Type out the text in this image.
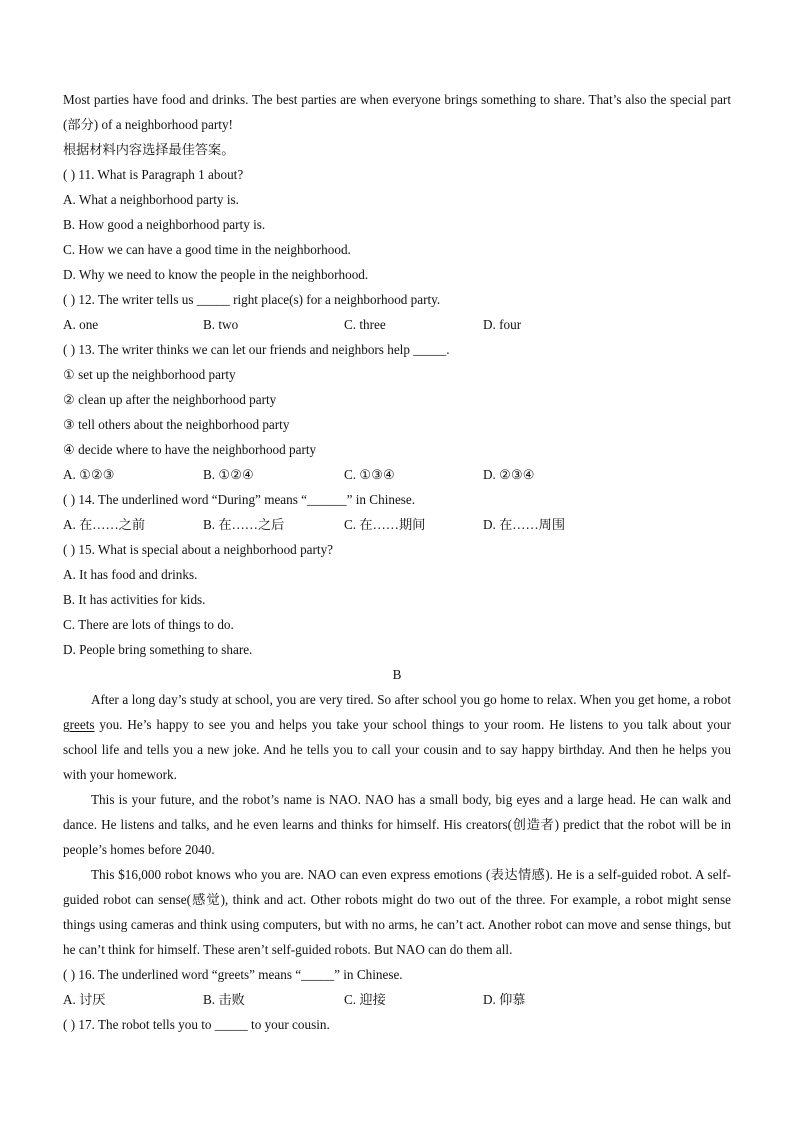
Most parties have food and drinks. The best parties are when everyone brings something to share. That’s also the special part (部分) of a neighborhood party!
根据材料内容选择最佳答案。
( ) 11. What is Paragraph 1 about?
A. What a neighborhood party is.
B. How good a neighborhood party is.
C. How we can have a good time in the neighborhood.
D. Why we need to know the people in the neighborhood.
( ) 12. The writer tells us _____ right place(s) for a neighborhood party.
A. one	B. two	C. three	D. four
( ) 13. The writer thinks we can let our friends and neighbors help _____.
① set up the neighborhood party
② clean up after the neighborhood party
③ tell others about the neighborhood party
④ decide where to have the neighborhood party
A. ①②③	B. ①②④	C. ①③④	D. ②③④
( ) 14. The underlined word “During” means “______” in Chinese.
A. 在……之前	B. 在……之后	C. 在……期间	D. 在……周围
( ) 15. What is special about a neighborhood party?
A. It has food and drinks.
B. It has activities for kids.
C. There are lots of things to do.
D. People bring something to share.
B
After a long day’s study at school, you are very tired. So after school you go home to relax. When you get home, a robot greets you. He’s happy to see you and helps you take your school things to your room. He listens to you talk about your school life and tells you a new joke. And he tells you to call your cousin and to say happy birthday. And then he helps you with your homework.
This is your future, and the robot’s name is NAO. NAO has a small body, big eyes and a large head. He can walk and dance. He listens and talks, and he even learns and thinks for himself. His creators(创造者) predict that the robot will be in people’s homes before 2040.
This $16,000 robot knows who you are. NAO can even express emotions (表达情感). He is a self-guided robot. A self-guided robot can sense(感觉), think and act. Other robots might do two out of the three. For example, a robot might sense things using cameras and think using computers, but with no arms, he can’t act. Another robot can move and sense things, but he can’t think for himself. These aren’t self-guided robots. But NAO can do them all.
( ) 16. The underlined word “greets” means “_____” in Chinese.
A. 讨厌	B. 击败	C. 迎接	D. 仰慕
( ) 17. The robot tells you to _____ to your cousin.
